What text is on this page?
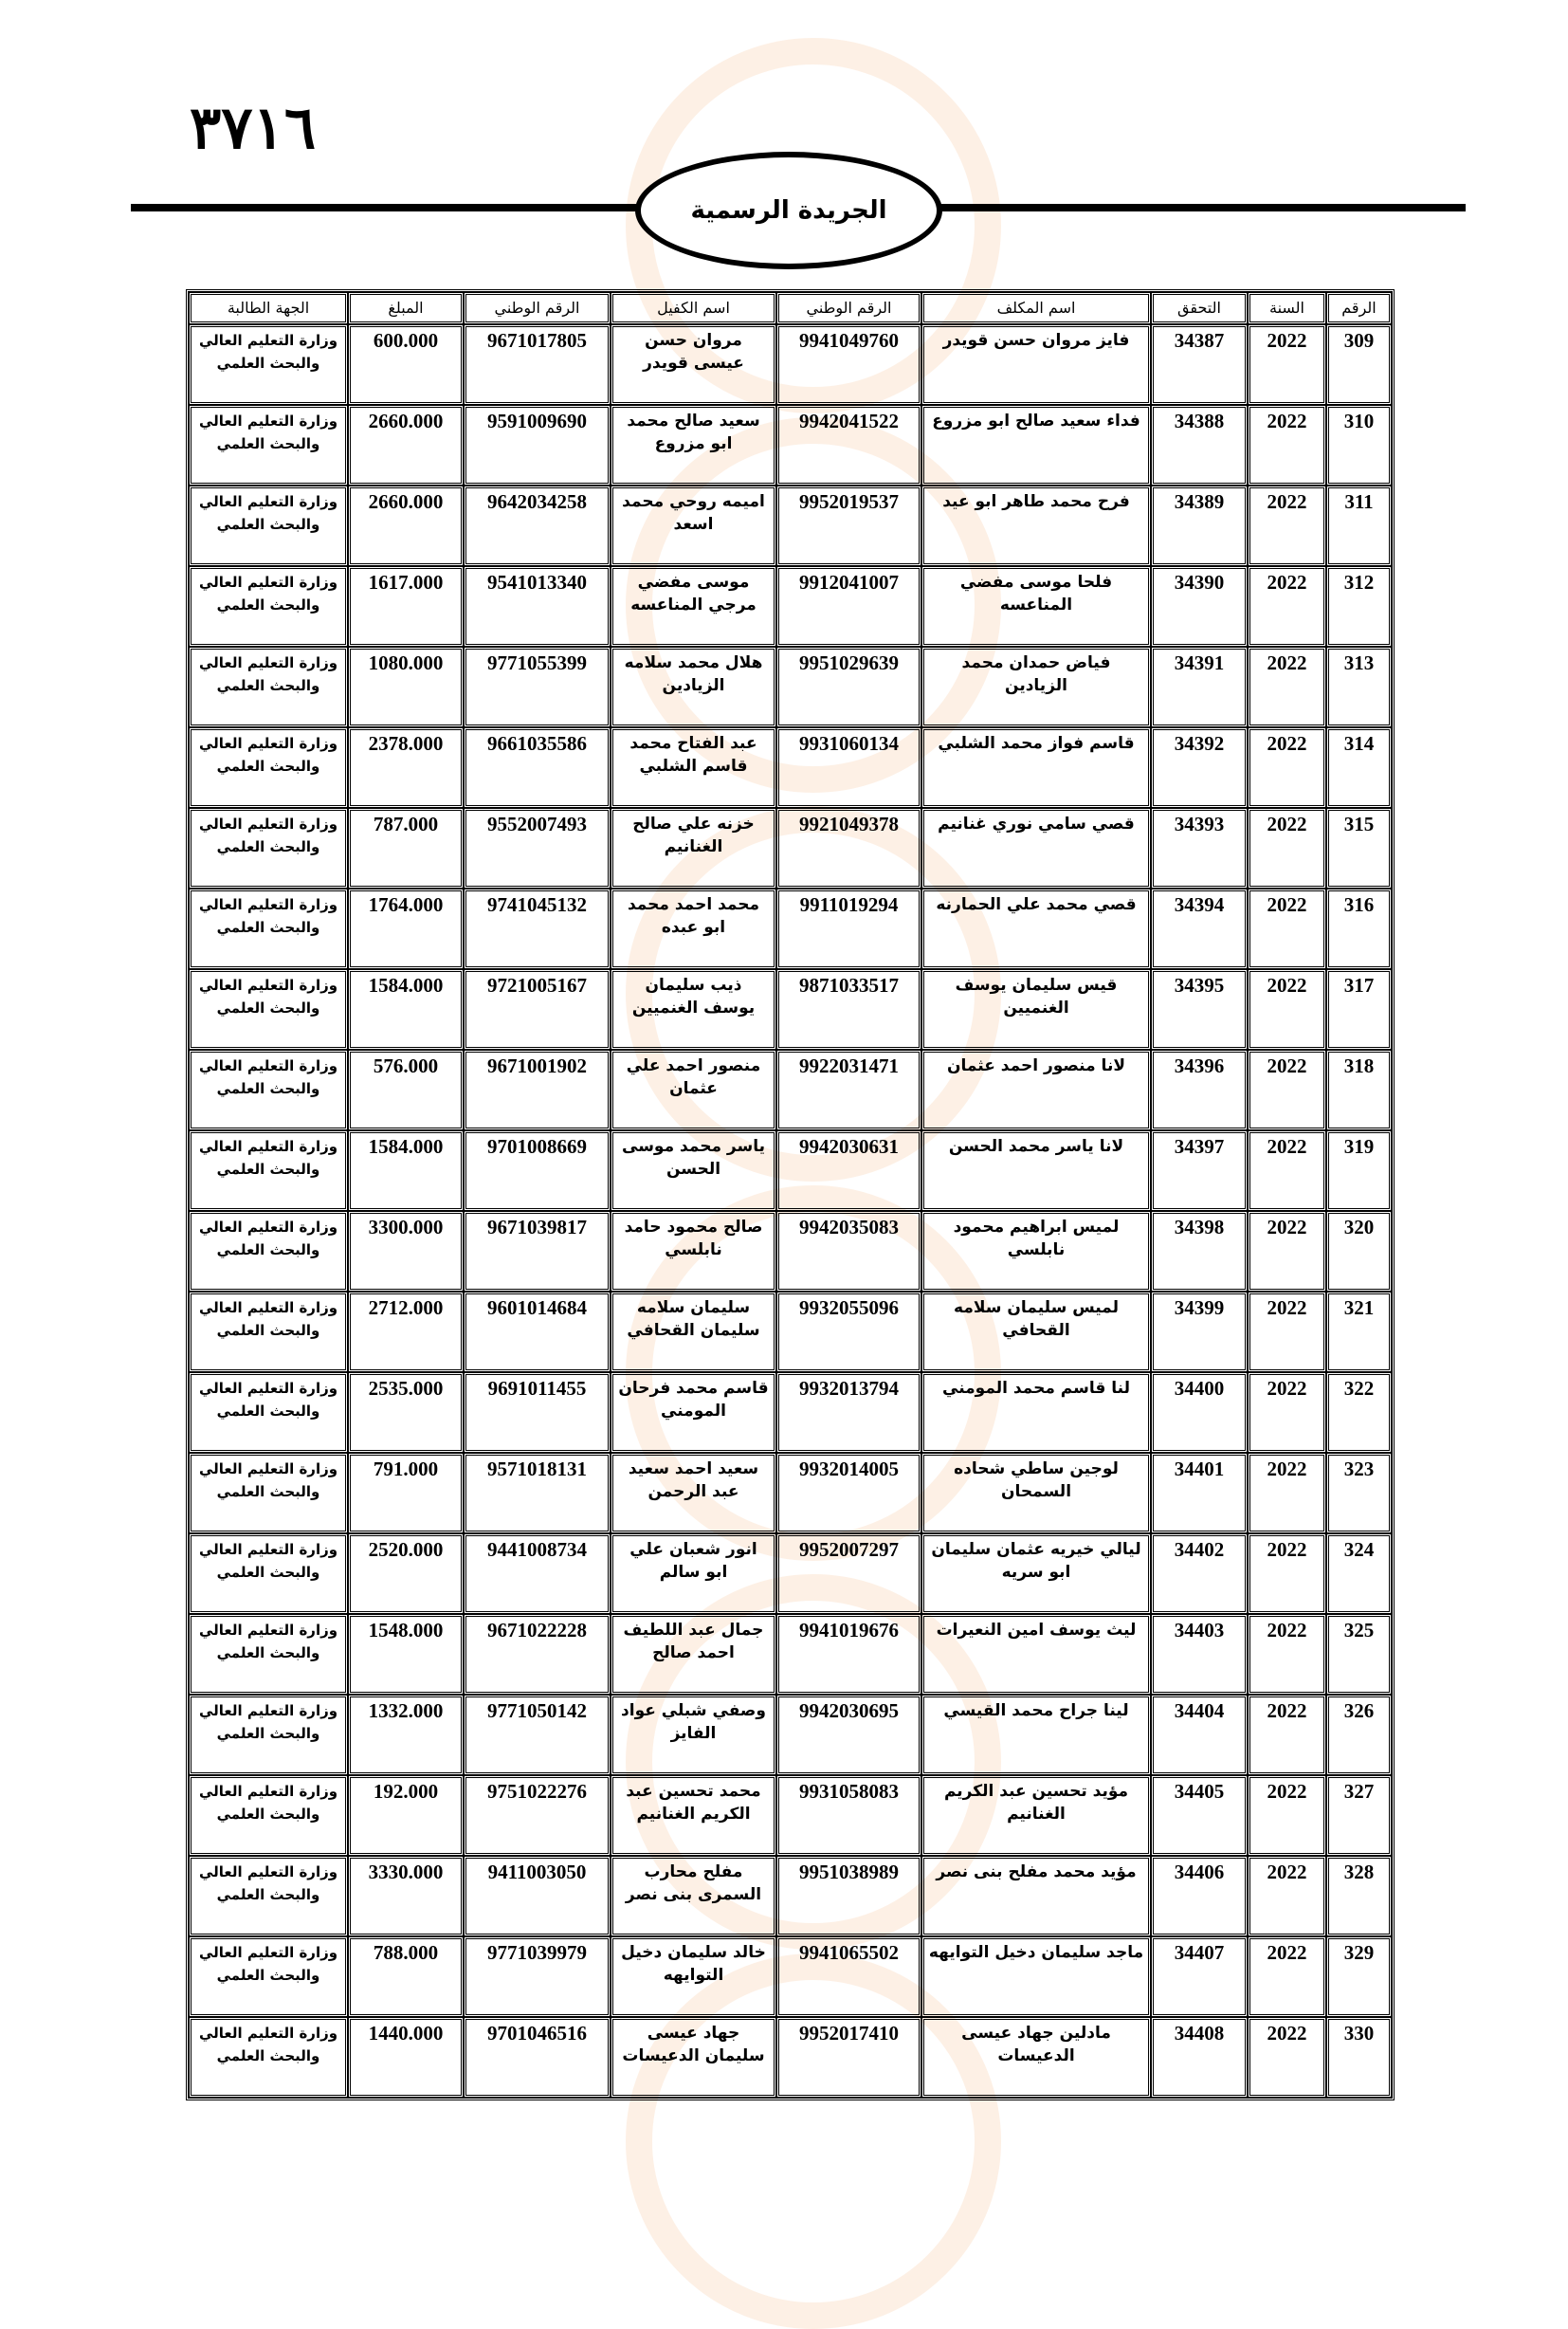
٣٧١٦
الجريدة الرسمية
الرقم	السنة	التحقق	اسم المكلف	الرقم الوطني	اسم الكفيل	الرقم الوطني	المبلغ	الجهة الطالبة
309	2022	34387	فايز مروان حسن قويدر	9941049760	مروان حسن عيسى قويدر	9671017805	600.000	وزارة التعليم العالي والبحث العلمي
310	2022	34388	فداء سعيد صالح ابو مزروع	9942041522	سعيد صالح محمد ابو مزروع	9591009690	2660.000	وزارة التعليم العالي والبحث العلمي
311	2022	34389	فرح محمد طاهر ابو عيد	9952019537	اميمه روحي محمد اسعد	9642034258	2660.000	وزارة التعليم العالي والبحث العلمي
312	2022	34390	فلحا موسى مفضي المناعسه	9912041007	موسى مفضي مرجي المناعسه	9541013340	1617.000	وزارة التعليم العالي والبحث العلمي
313	2022	34391	فياض حمدان محمد الزيادين	9951029639	هلال محمد سلامه الزيادين	9771055399	1080.000	وزارة التعليم العالي والبحث العلمي
314	2022	34392	قاسم فواز محمد الشلبي	9931060134	عبد الفتاح محمد قاسم الشلبي	9661035586	2378.000	وزارة التعليم العالي والبحث العلمي
315	2022	34393	قصي سامي نوري غنانيم	9921049378	خزنه علي صالح الغنانيم	9552007493	787.000	وزارة التعليم العالي والبحث العلمي
316	2022	34394	قصي محمد علي الحمارنه	9911019294	محمد احمد محمد ابو عبده	9741045132	1764.000	وزارة التعليم العالي والبحث العلمي
317	2022	34395	قيس سليمان يوسف الغنميين	9871033517	ذيب سليمان يوسف الغنميين	9721005167	1584.000	وزارة التعليم العالي والبحث العلمي
318	2022	34396	لانا منصور احمد عثمان	9922031471	منصور احمد علي عثمان	9671001902	576.000	وزارة التعليم العالي والبحث العلمي
319	2022	34397	لانا ياسر محمد الحسن	9942030631	ياسر محمد موسى الحسن	9701008669	1584.000	وزارة التعليم العالي والبحث العلمي
320	2022	34398	لميس ابراهيم محمود نابلسي	9942035083	صالح محمود حامد نابلسي	9671039817	3300.000	وزارة التعليم العالي والبحث العلمي
321	2022	34399	لميس سليمان سلامه القحافي	9932055096	سليمان سلامه سليمان القحافي	9601014684	2712.000	وزارة التعليم العالي والبحث العلمي
322	2022	34400	لنا قاسم محمد المومني	9932013794	قاسم محمد فرحان المومني	9691011455	2535.000	وزارة التعليم العالي والبحث العلمي
323	2022	34401	لوجين ساطي شحاده السمحان	9932014005	سعيد احمد سعيد عبد الرحمن	9571018131	791.000	وزارة التعليم العالي والبحث العلمي
324	2022	34402	ليالي خيريه عثمان سليمان ابو سريه	9952007297	انور شعبان علي ابو سالم	9441008734	2520.000	وزارة التعليم العالي والبحث العلمي
325	2022	34403	ليث يوسف امين النعيرات	9941019676	جمال عبد اللطيف احمد صالح	9671022228	1548.000	وزارة التعليم العالي والبحث العلمي
326	2022	34404	لينا جراح محمد القيسي	9942030695	وصفي شبلي عواد الفايز	9771050142	1332.000	وزارة التعليم العالي والبحث العلمي
327	2022	34405	مؤيد تحسين عبد الكريم الغنانيم	9931058083	محمد تحسين عبد الكريم الغنانيم	9751022276	192.000	وزارة التعليم العالي والبحث العلمي
328	2022	34406	مؤيد محمد مفلح بنى نصر	9951038989	مفلح محارب السمرى بنى نصر	9411003050	3330.000	وزارة التعليم العالي والبحث العلمي
329	2022	34407	ماجد سليمان دخيل التوايهه	9941065502	خالد سليمان دخيل التوايهه	9771039979	788.000	وزارة التعليم العالي والبحث العلمي
330	2022	34408	مادلين جهاد عيسى الدعيسات	9952017410	جهاد عيسى سليمان الدعيسات	9701046516	1440.000	وزارة التعليم العالي والبحث العلمي
